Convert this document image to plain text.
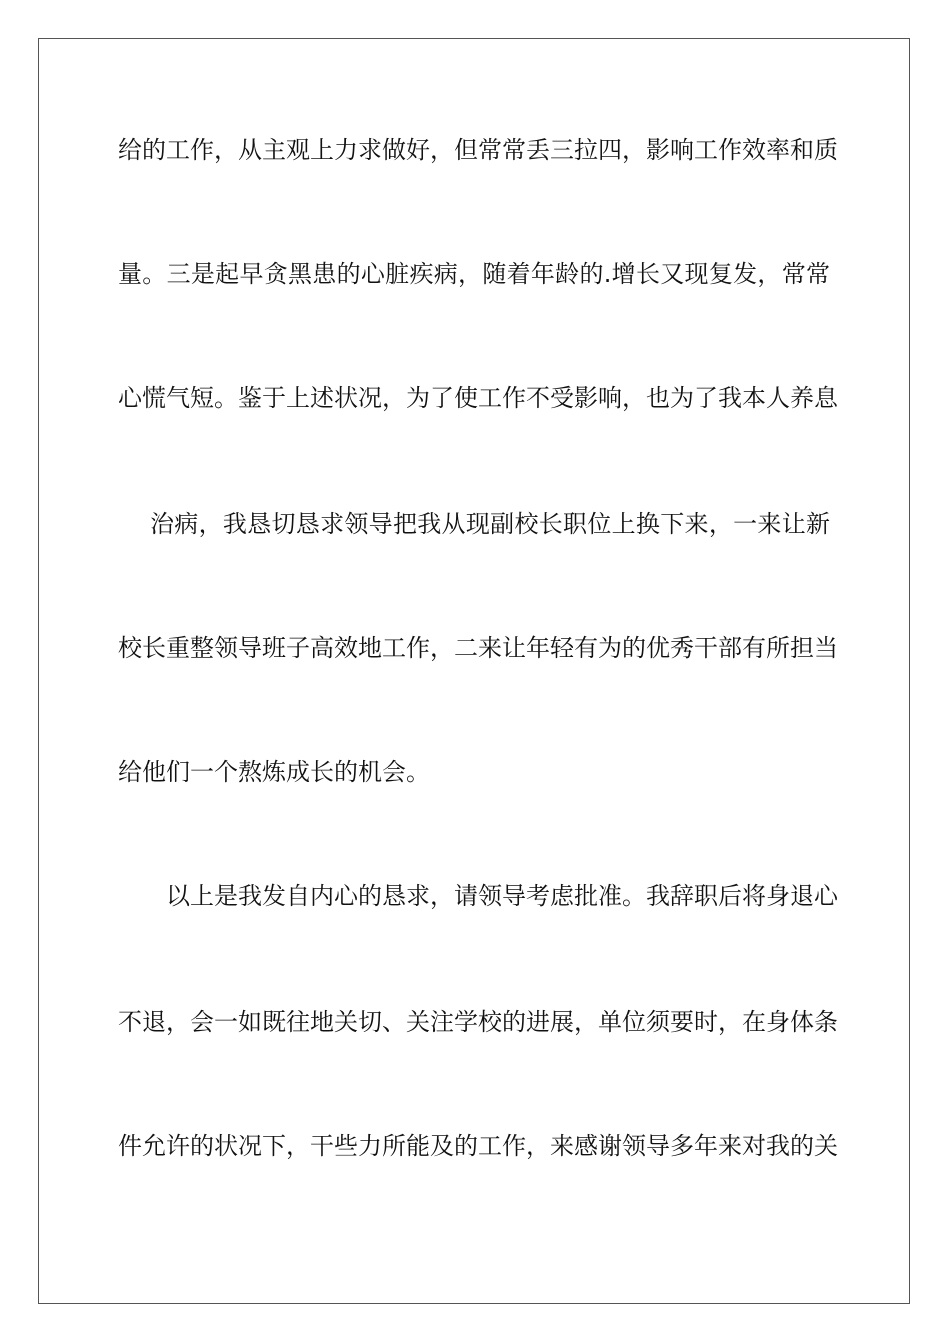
给的工作，从主观上力求做好，但常常丢三拉四，影响工作效率和质
量。三是起早贪黑患的心脏疾病，随着年龄的.增长又现复发，常常
心慌气短。鉴于上述状况，为了使工作不受影响，也为了我本人养息
治病，我恳切恳求领导把我从现副校长职位上换下来，一来让新
校长重整领导班子高效地工作，二来让年轻有为的优秀干部有所担当
给他们一个熬炼成长的机会。
以上是我发自内心的恳求，请领导考虑批准。我辞职后将身退心
不退，会一如既往地关切、关注学校的进展，单位须要时，在身体条
件允许的状况下，干些力所能及的工作，来感谢领导多年来对我的关
